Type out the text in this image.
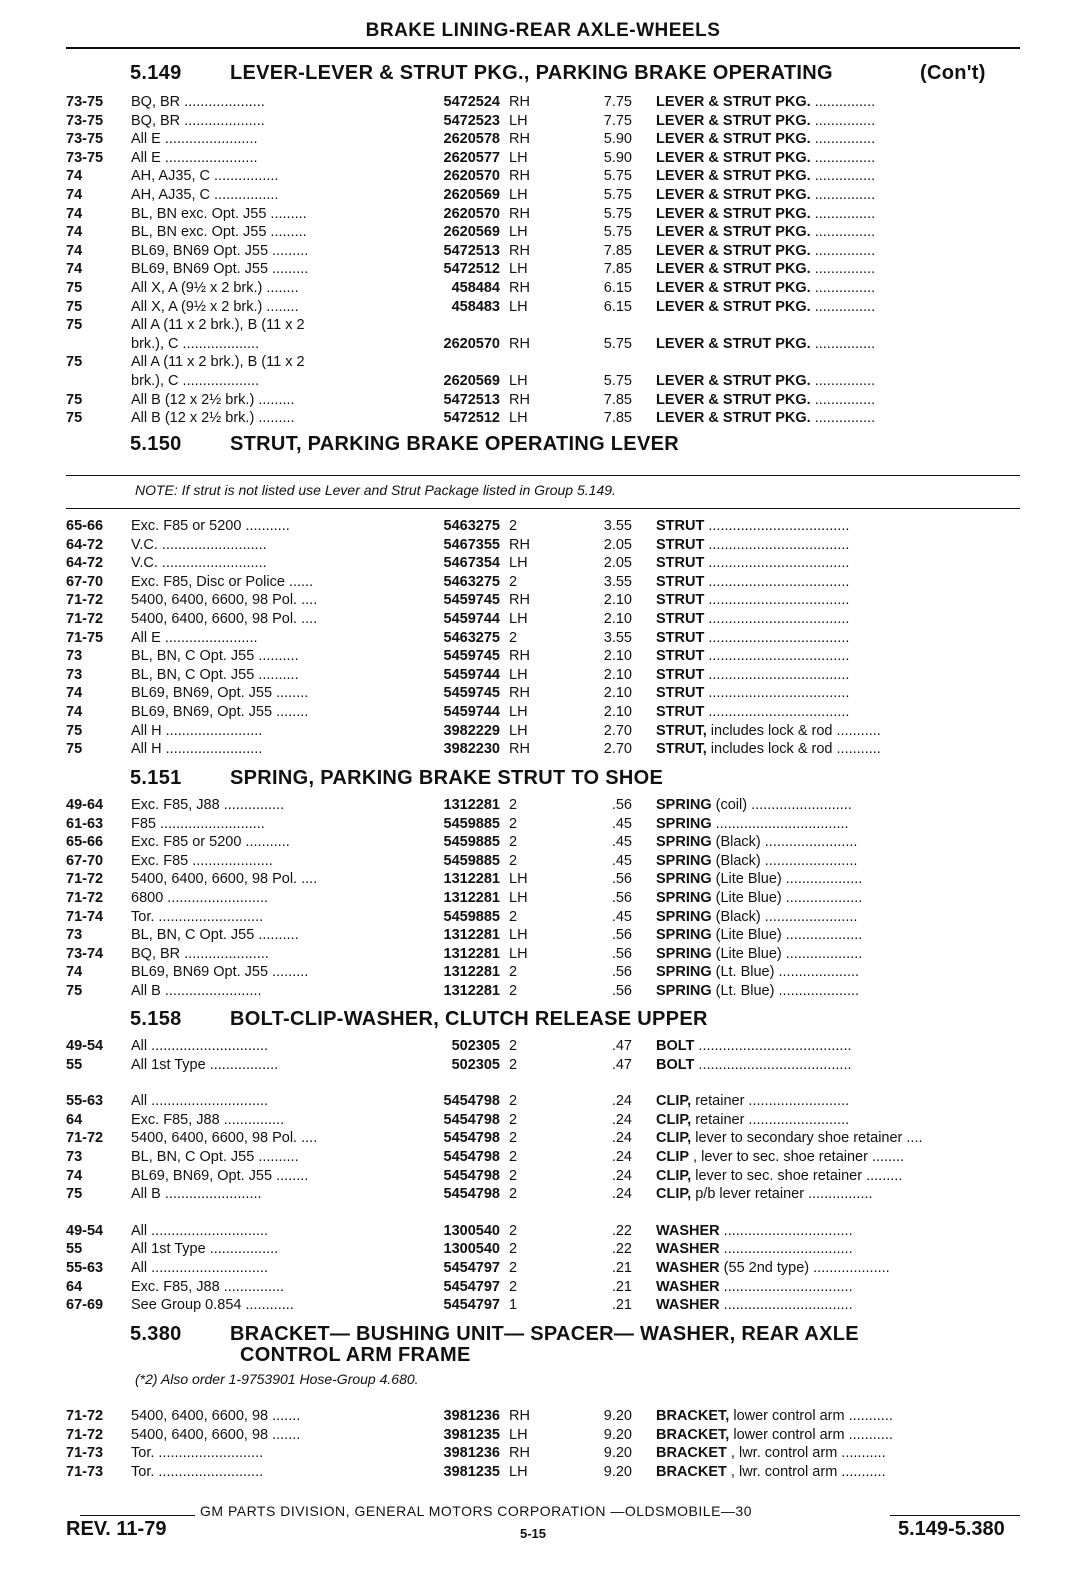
BRAKE LINING-REAR AXLE-WHEELS
5.149 LEVER-LEVER & STRUT PKG., PARKING BRAKE OPERATING	(Con't)
73-75 BQ, BR ....................	5472524 RH	7.75 LEVER & STRUT PKG. ...............
73-75 BQ, BR ....................	5472523 LH	7.75 LEVER & STRUT PKG. ...............
73-75 All E .......................	2620578 RH	5.90 LEVER & STRUT PKG. ...............
73-75 All E .......................	2620577 LH	5.90 LEVER & STRUT PKG. ...............
74	AH, AJ35, C ................	2620570 RH	5.75 LEVER & STRUT PKG. ...............
74	AH, AJ35, C ................	2620569 LH	5.75 LEVER & STRUT PKG. ...............
74	BL, BN exc. Opt. J55 .........	2620570 RH	5.75 LEVER & STRUT PKG. ...............
74	BL, BN exc. Opt. J55 .........	2620569 LH	5.75 LEVER & STRUT PKG. ...............
74	BL69, BN69 Opt. J55 .........	5472513 RH	7.85 LEVER & STRUT PKG. ...............
74	BL69, BN69 Opt. J55 .........	5472512 LH	7.85 LEVER & STRUT PKG. ...............
75	All X, A (9½ x 2 brk.) ........	458484 RH	6.15 LEVER & STRUT PKG. ...............
75	All X, A (9½ x 2 brk.) ........	458483 LH	6.15 LEVER & STRUT PKG. ...............
75	All A (11 x 2 brk.), B (11 x 2
brk.), C ...................	2620570 RH	5.75 LEVER & STRUT PKG. ...............
75	All A (11 x 2 brk.), B (11 x 2
brk.), C ...................	2620569 LH	5.75 LEVER & STRUT PKG. ...............
75	All B (12 x 2½ brk.) .........	5472513 RH	7.85 LEVER & STRUT PKG. ...............
75	All B (12 x 2½ brk.) .........	5472512 LH	7.85 LEVER & STRUT PKG. ...............
5.150 STRUT, PARKING BRAKE OPERATING LEVER
NOTE: If strut is not listed use Lever and Strut Package listed in Group 5.149.
65-66 Exc. F85 or 5200 ...........	5463275 2	3.55 STRUT ...................................
64-72 V.C. ..........................	5467355 RH	2.05 STRUT ...................................
64-72 V.C. ..........................	5467354 LH	2.05 STRUT ...................................
67-70 Exc. F85, Disc or Police ......	5463275 2	3.55 STRUT ...................................
71-72 5400, 6400, 6600, 98 Pol. ....	5459745 RH	2.10 STRUT ...................................
71-72 5400, 6400, 6600, 98 Pol. ....	5459744 LH	2.10 STRUT ...................................
71-75 All E .......................	5463275 2	3.55 STRUT ...................................
73	BL, BN, C Opt. J55 ..........	5459745 RH	2.10 STRUT ...................................
73	BL, BN, C Opt. J55 ..........	5459744 LH	2.10 STRUT ...................................
74	BL69, BN69, Opt. J55 ........	5459745 RH	2.10 STRUT ...................................
74	BL69, BN69, Opt. J55 ........	5459744 LH	2.10 STRUT ...................................
75	All H ........................	3982229 LH	2.70 STRUT, includes lock & rod ...........
75	All H ........................	3982230 RH	2.70 STRUT, includes lock & rod ...........
5.151 SPRING, PARKING BRAKE STRUT TO SHOE
49-64 Exc. F85, J88 ...............	1312281 2	.56 SPRING (coil) .........................
61-63 F85 ..........................	5459885 2	.45 SPRING .................................
65-66 Exc. F85 or 5200 ...........	5459885 2	.45 SPRING (Black) .......................
67-70 Exc. F85 ....................	5459885 2	.45 SPRING (Black) .......................
71-72 5400, 6400, 6600, 98 Pol. ....	1312281 LH	.56 SPRING (Lite Blue) ...................
71-72 6800 .........................	1312281 LH	.56 SPRING (Lite Blue) ...................
71-74 Tor. ..........................	5459885 2	.45 SPRING (Black) .......................
73	BL, BN, C Opt. J55 ..........	1312281 LH	.56 SPRING (Lite Blue) ...................
73-74 BQ, BR .....................	1312281 LH	.56 SPRING (Lite Blue) ...................
74	BL69, BN69 Opt. J55 .........	1312281 2	.56 SPRING (Lt. Blue) ....................
75	All B ........................	1312281 2	.56 SPRING (Lt. Blue) ....................
5.158 BOLT-CLIP-WASHER, CLUTCH RELEASE UPPER
49-54 All .............................	502305 2	.47 BOLT ......................................
55	All 1st Type .................	502305 2	.47 BOLT ......................................
55-63 All .............................	5454798 2	.24 CLIP, retainer .........................
64	Exc. F85, J88 ...............	5454798 2	.24 CLIP, retainer .........................
71-72 5400, 6400, 6600, 98 Pol. ....	5454798 2	.24 CLIP, lever to secondary shoe retainer ....
73	BL, BN, C Opt. J55 ..........	5454798 2	.24 CLIP , lever to sec. shoe retainer ........
74	BL69, BN69, Opt. J55 ........	5454798 2	.24 CLIP, lever to sec. shoe retainer .........
75	All B ........................	5454798 2	.24 CLIP, p/b lever retainer ................
49-54 All .............................	1300540 2	.22 WASHER ................................
55	All 1st Type .................	1300540 2	.22 WASHER ................................
55-63 All .............................	5454797 2	.21 WASHER (55 2nd type) ...................
64	Exc. F85, J88 ...............	5454797 2	.21 WASHER ................................
67-69 See Group 0.854 ............	5454797 1	.21 WASHER ................................
5.380 BRACKET— BUSHING UNIT— SPACER— WASHER, REAR AXLE
CONTROL ARM FRAME
(*2) Also order 1-9753901 Hose-Group 4.680.
71-72 5400, 6400, 6600, 98 .......	3981236 RH	9.20 BRACKET, lower control arm ...........
71-72 5400, 6400, 6600, 98 .......	3981235 LH	9.20 BRACKET, lower control arm ...........
71-73 Tor. ..........................	3981236 RH	9.20 BRACKET , lwr. control arm ...........
71-73 Tor. ..........................	3981235 LH	9.20 BRACKET , lwr. control arm ...........
GM PARTS DIVISION, GENERAL MOTORS CORPORATION —OLDSMOBILE—30
REV. 11-79	5-15	5.149-5.380
